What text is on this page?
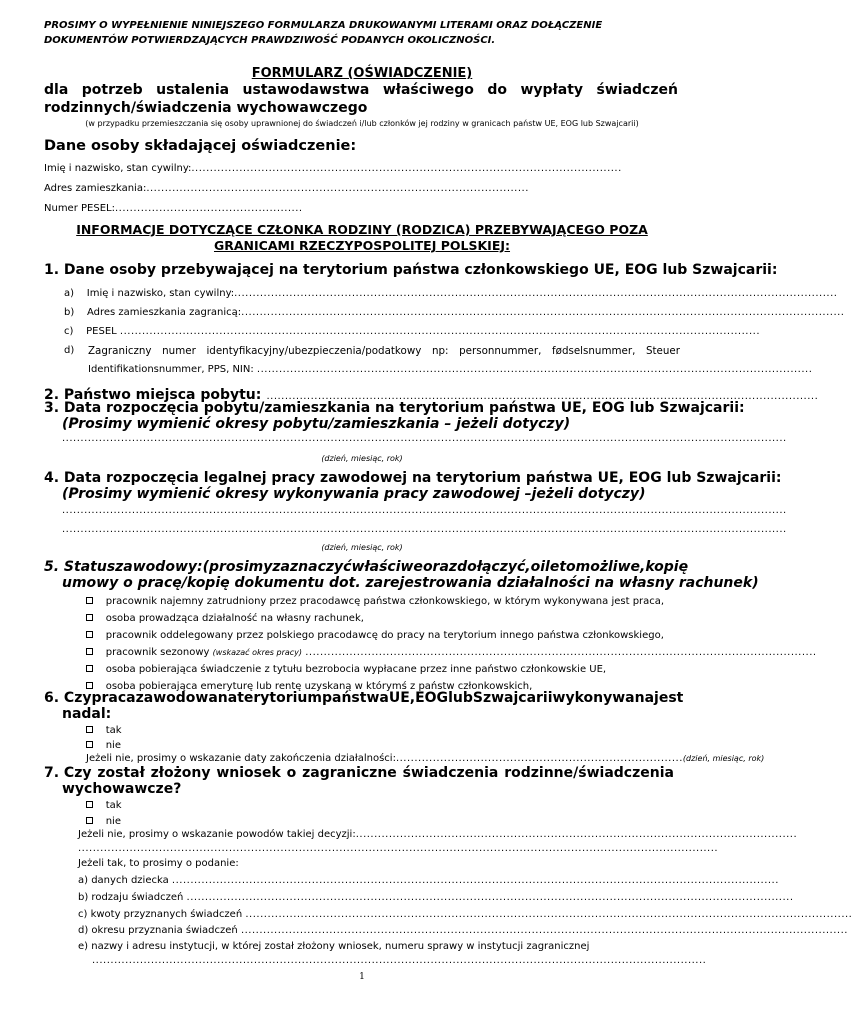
PROSIMY O WYPEŁNIENIE NINIEJSZEGO FORMULARZA DRUKOWANYMI LITERAMI ORAZ DOŁĄCZENIE
DOKUMENTÓW POTWIERDZAJĄCYCH PRAWDZIWOŚĆ PODANYCH OKOLICZNOŚCI.
FORMULARZ (OŚWIADCZENIE)
dla potrzeb ustalenia ustawodawstwa właściwego do wypłaty świadczeń
rodzinnych/świadczenia wychowawczego
(w przypadku przemieszczania się osoby uprawnionej do świadczeń i/lub członków jej rodziny w granicach państw UE, EOG lub Szwajcarii)
Dane osoby składającej oświadczenie:
Imię i nazwisko, stan cywilny:.....................................................................................................................
Adres zamieszkania:........................................................................................................
Numer PESEL:...................................................
INFORMACJE DOTYCZĄCE CZŁONKA RODZINY (RODZICA) PRZEBYWAJĄCEGO POZA
GRANICAMI RZECZYPOSPOLITEJ POLSKIEJ:
1. Dane osoby przebywającej na terytorium państwa członkowskiego UE, EOG lub Szwajcarii:
a) Imię i nazwisko, stan cywilny:....................................................................................................................................................................
b) Adres zamieszkania zagranicą:....................................................................................................................................................................
c) PESEL ..............................................................................................................................................................................
d) Zagraniczny numer identyfikacyjny/ubezpieczenia/podatkowy np: personnummer, fødselsnummer, Steuer
Identifikationsnummer, PPS, NIN: .......................................................................................................................................................
2. Państwo miejsca pobytu: ......................................................................................................................................................
3. Data rozpoczęcia pobytu/zamieszkania na terytorium państwa UE, EOG lub Szwajcarii:
(Prosimy wymienić okresy pobytu/zamieszkania – jeżeli dotyczy)
.....................................................................................................................................................................................................
(dzień, miesiąc, rok)
4. Data rozpoczęcia legalnej pracy zawodowej na terytorium państwa UE, EOG lub Szwajcarii:
(Prosimy wymienić okresy wykonywania pracy zawodowej –jeżeli dotyczy)
.....................................................................................................................................................................................................
.....................................................................................................................................................................................................
(dzień, miesiąc, rok)
5. Status zawodowy: (prosimy zaznaczyć właściwe oraz dołączyć, o ile to możliwe, kopię
umowy o pracę/kopię dokumentu dot. zarejestrowania działalności na własny rachunek)
pracownik najemny zatrudniony przez pracodawcę państwa członkowskiego, w którym wykonywana jest praca,
osoba prowadząca działalność na własny rachunek,
pracownik oddelegowany przez polskiego pracodawcę do pracy na terytorium innego państwa członkowskiego,
pracownik sezonowy (wskazać okres pracy) ...........................................................................................................................................
osoba pobierająca świadczenie z tytułu bezrobocia wypłacane przez inne państwo członkowskie UE,
osoba pobierająca emeryturę lub rentę uzyskaną w którymś z państw członkowskich,
6. Czy praca zawodowa na terytorium państwa UE, EOG lub Szwajcarii wykonywana jest
nadal:
tak
nie
Jeżeli nie, prosimy o wskazanie daty zakończenia działalności:..............................................................................(dzień, miesiąc, rok)
7. Czy został złożony wniosek o zagraniczne świadczenia rodzinne/świadczenia
wychowawcze?
tak
nie
Jeżeli nie, prosimy o wskazanie powodów takiej decyzji:........................................................................................................................
..............................................................................................................................................................................
Jeżeli tak, to prosimy o podanie:
a) danych dziecka .....................................................................................................................................................................
b) rodzaju świadczeń .....................................................................................................................................................................
c) kwoty przyznanych świadczeń .....................................................................................................................................................................
d) okresu przyznania świadczeń .....................................................................................................................................................................
e) nazwy i adresu instytucji, w której został złożony wniosek, numeru sprawy w instytucji zagranicznej
.......................................................................................................................................................................
1
